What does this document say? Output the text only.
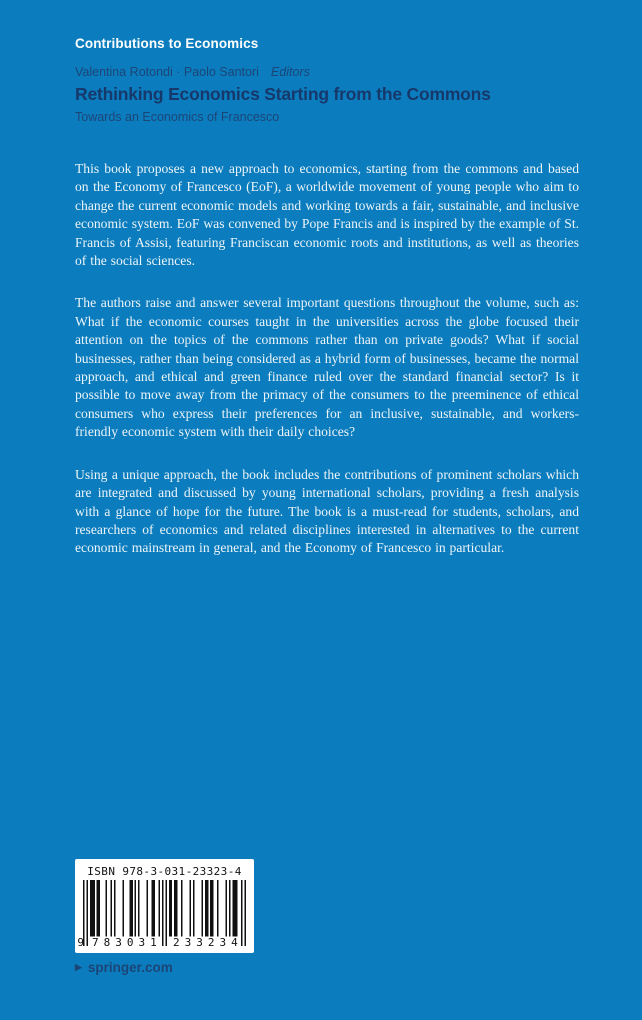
Contributions to Economics
Valentina Rotondi · Paolo Santori Editors
Rethinking Economics Starting from the Commons
Towards an Economics of Francesco

This book proposes a new approach to economics, starting from the commons and based on the Economy of Francesco (EoF), a worldwide movement of young people who aim to change the current economic models and working towards a fair, sustainable, and inclusive economic system. EoF was convened by Pope Francis and is inspired by the example of St. Francis of Assisi, featuring Franciscan economic roots and institutions, as well as theories of the social sciences.

The authors raise and answer several important questions throughout the volume, such as: What if the economic courses taught in the universities across the globe focused their attention on the topics of the commons rather than on private goods? What if social businesses, rather than being considered as a hybrid form of businesses, became the normal approach, and ethical and green finance ruled over the standard financial sector? Is it possible to move away from the primacy of the consumers to the preeminence of ethical consumers who express their preferences for an inclusive, sustainable, and workers-friendly economic system with their daily choices?

Using a unique approach, the book includes the contributions of prominent scholars which are integrated and discussed by young international scholars, providing a fresh analysis with a glance of hope for the future. The book is a must-read for students, scholars, and researchers of economics and related disciplines interested in alternatives to the current economic mainstream in general, and the Economy of Francesco in particular.

ISBN 978-3-031-23323-4
9 783031 233234
▶ springer.com
